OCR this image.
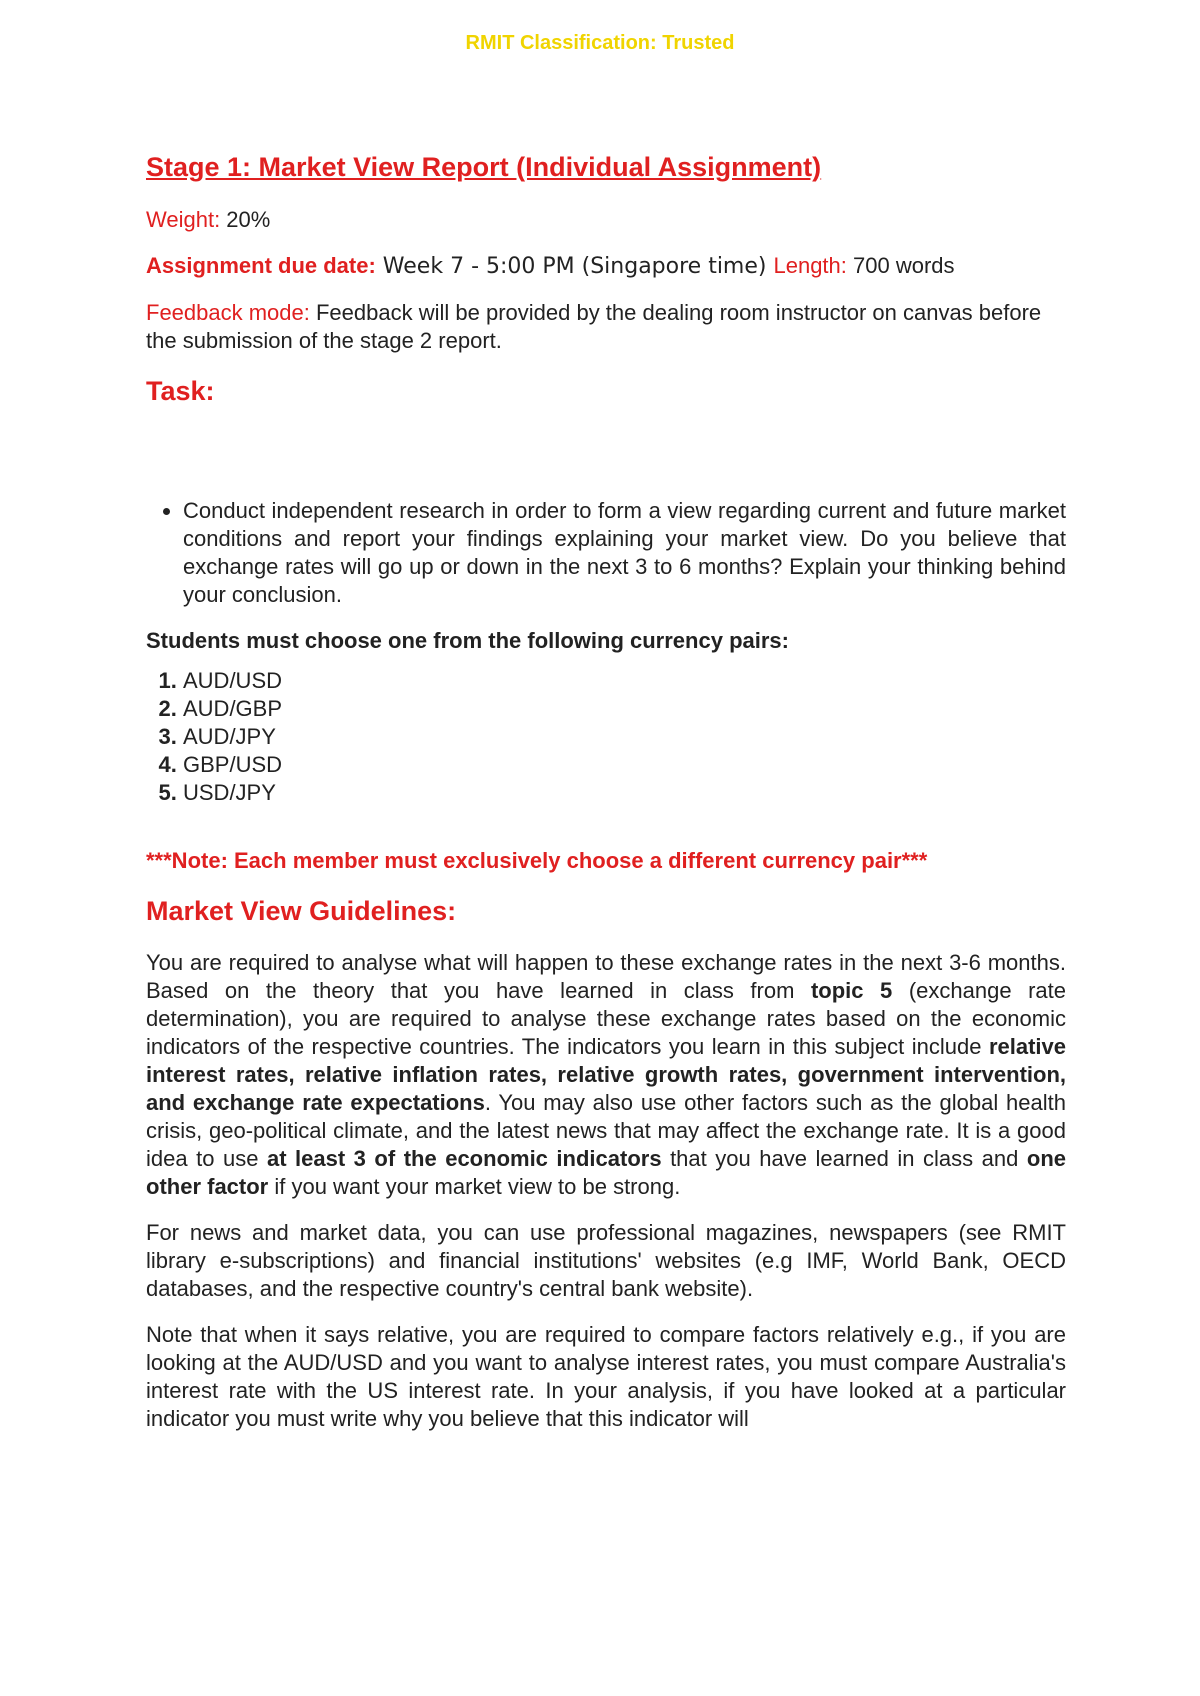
RMIT Classification: Trusted
Stage 1: Market View Report (Individual Assignment)

Weight: 20%

Assignment due date: Week 7 - 5:00 PM (Singapore time) Length: 700 words

Feedback mode: Feedback will be provided by the dealing room instructor on canvas before the submission of the stage 2 report.

Task:
• Conduct independent research in order to form a view regarding current and future market conditions and report your findings explaining your market view. Do you believe that exchange rates will go up or down in the next 3 to 6 months? Explain your thinking behind your conclusion.
Students must choose one from the following currency pairs:
1. AUD/USD
2. AUD/GBP
3. AUD/JPY
4. GBP/USD
5. USD/JPY
***Note: Each member must exclusively choose a different currency pair***
Market View Guidelines:

You are required to analyse what will happen to these exchange rates in the next 3-6 months. Based on the theory that you have learned in class from topic 5 (exchange rate determination), you are required to analyse these exchange rates based on the economic indicators of the respective countries. The indicators you learn in this subject include relative interest rates, relative inflation rates, relative growth rates, government intervention, and exchange rate expectations. You may also use other factors such as the global health crisis, geo-political climate, and the latest news that may affect the exchange rate. It is a good idea to use at least 3 of the economic indicators that you have learned in class and one other factor if you want your market view to be strong.

For news and market data, you can use professional magazines, newspapers (see RMIT library e-subscriptions) and financial institutions' websites (e.g IMF, World Bank, OECD databases, and the respective country's central bank website).

Note that when it says relative, you are required to compare factors relatively e.g., if you are looking at the AUD/USD and you want to analyse interest rates, you must compare Australia's interest rate with the US interest rate. In your analysis, if you have looked at a particular indicator you must write why you believe that this indicator will
